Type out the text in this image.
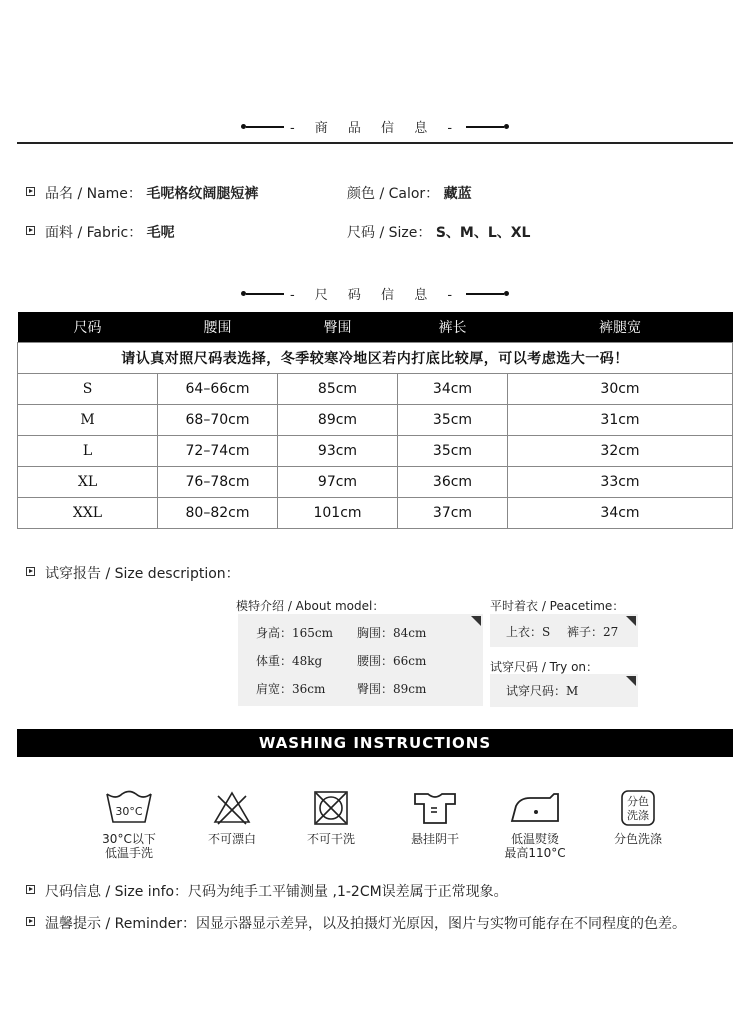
- 商 品 信 息 -
品名 / Name： 毛呢格纹阔腿短裤	颜色 / Calor： 藏蓝
面料 / Fabric： 毛呢	尺码 / Size： S、M、L、XL
- 尺 码 信 息 -
尺码	腰围	臀围	裤长	裤腿宽
请认真对照尺码表选择，冬季较寒冷地区若内打底比较厚，可以考虑选大一码！				
S	64–66cm	85cm	34cm	30cm
M	68–70cm	89cm	35cm	31cm
L	72–74cm	93cm	35cm	32cm
XL	76–78cm	97cm	36cm	33cm
XXL	80–82cm	101cm	37cm	34cm
试穿报告 / Size description：
模特介绍 / About model：
身高：165cm 胸围：84cm
体重：48kg	腰围：66cm
肩宽：36cm	臀围：89cm
平时着衣 / Peacetime：
上衣：S 裤子：27
试穿尺码 / Try on：
试穿尺码：M
WASHING INSTRUCTIONS
30°C
30°C以下
低温手洗
不可漂白	不可干洗	悬挂阴干	低温熨烫
最高110°C
分色
洗涤
分色洗涤

尺码信息 / Size info：尺码为纯手工平铺测量 ,1-2CM误差属于正常现象。
温馨提示 / Reminder：因显示器显示差异，以及拍摄灯光原因，图片与实物可能存在不同程度的色差。
